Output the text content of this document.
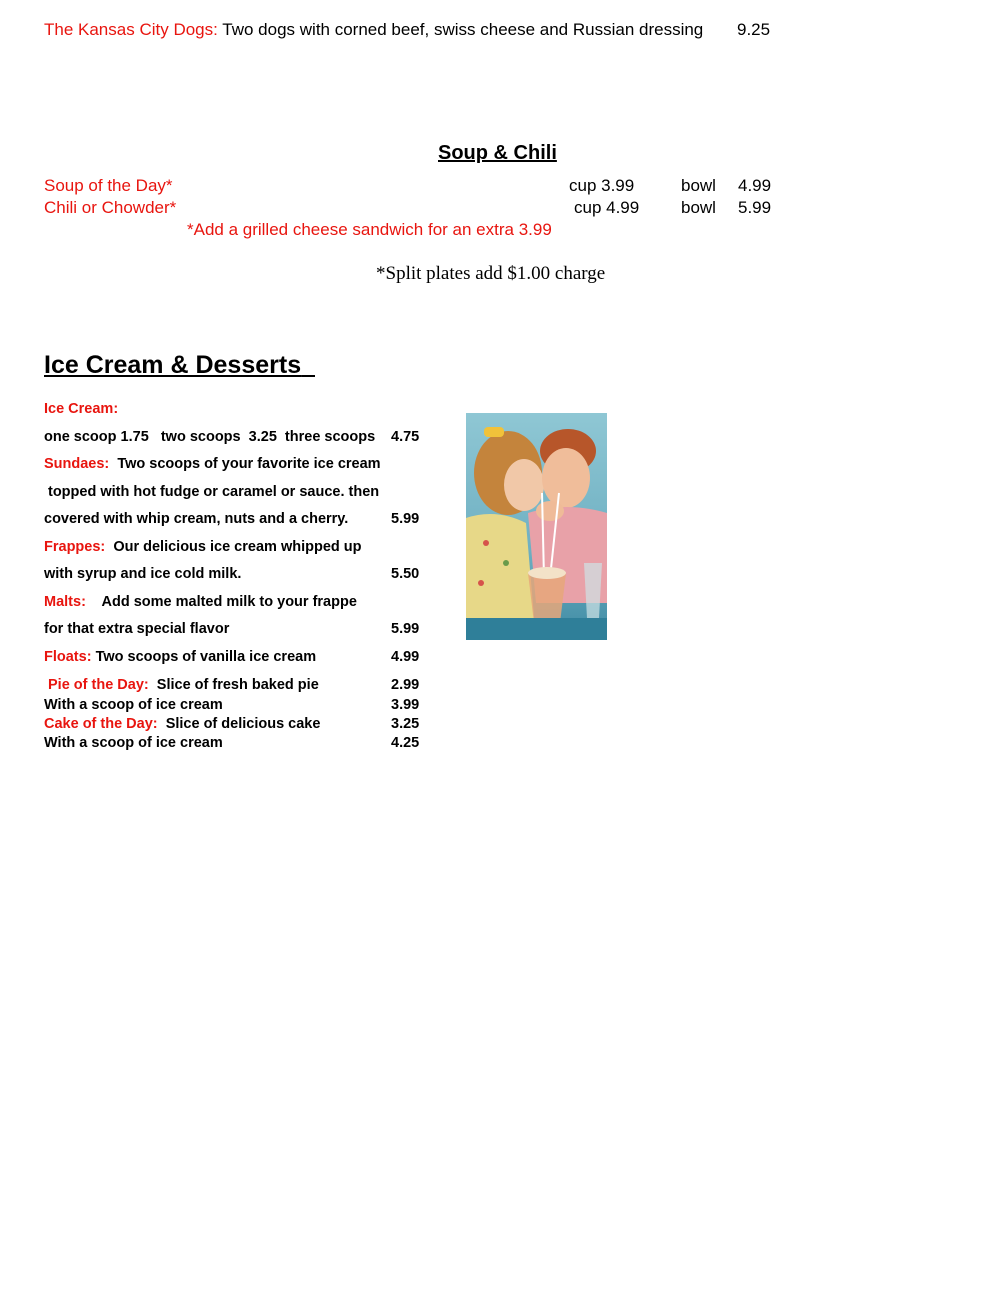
The Kansas City Dogs: Two dogs with corned beef, swiss cheese and Russian dressing 9.25
Soup & Chili
Soup of the Day*	cup 3.99	bowl 4.99
Chili or Chowder*	cup 4.99 bowl 5.99
*Add a grilled cheese sandwich for an extra 3.99
*Split plates add $1.00 charge
Ice Cream & Desserts
Ice Cream:
one scoop 1.75   two scoops  3.25  three scoops 4.75
Sundaes: Two scoops of your favorite ice cream
topped with hot fudge or caramel or sauce. then
covered with whip cream, nuts and a cherry.	5.99
Frappes: Our delicious ice cream whipped up
with syrup and ice cold milk.	5.50
Malts: Add some malted milk to your frappe
for that extra special flavor	5.99
Floats: Two scoops of vanilla ice cream	4.99
Pie of the Day: Slice of fresh baked pie	2.99
With a scoop of ice cream	3.99
Cake of the Day: Slice of delicious cake	3.25
With a scoop of ice cream	4.25
